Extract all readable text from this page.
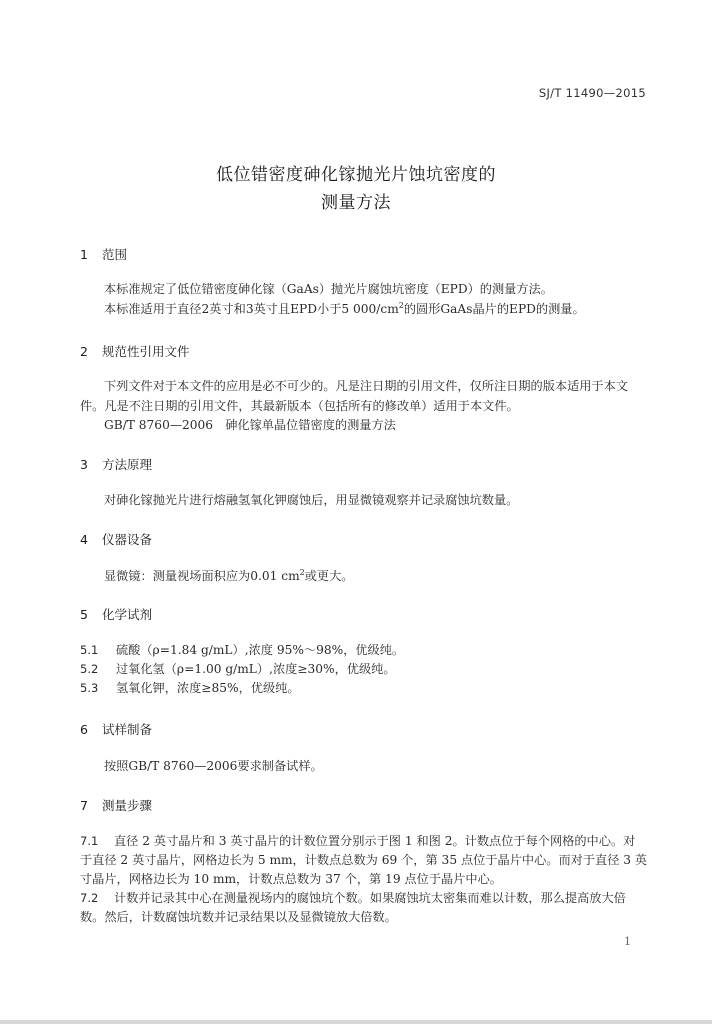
SJ/T 11490—2015
低位错密度砷化镓抛光片蚀坑密度的
测量方法
1 范围
本标准规定了低位错密度砷化镓（GaAs）抛光片腐蚀坑密度（EPD）的测量方法。
本标准适用于直径2英寸和3英寸且EPD小于5 $000/cm^2$的圆形GaAs晶片的EPD的测量。
2 规范性引用文件
下列文件对于本文件的应用是必不可少的。凡是注日期的引用文件，仅所注日期的版本适用于本文
件。凡是不注日期的引用文件，其最新版本（包括所有的修改单）适用于本文件。
GB/T 8760—2006　砷化镓单晶位错密度的测量方法
3 方法原理
对砷化镓抛光片进行熔融氢氧化钾腐蚀后，用显微镜观察并记录腐蚀坑数量。
4 仪器设备
显微镜：测量视场面积应为0.01 $cm^2$或更大。
5 化学试剂
5.1 硫酸（ρ=1.84 g/mL）,浓度 95%～98%，优级纯。
5.2 过氧化氢（ρ=1.00 g/mL）,浓度≥30%，优级纯。
5.3 氢氧化钾，浓度≥85%，优级纯。
6 试样制备
按照GB/T 8760—2006要求制备试样。
7 测量步骤
7.1 直径 2 英寸晶片和 3 英寸晶片的计数位置分别示于图 1 和图 2。计数点位于每个网格的中心。对
于直径 2 英寸晶片，网格边长为 5 mm，计数点总数为 69 个，第 35 点位于晶片中心。而对于直径 3 英
寸晶片，网格边长为 10 mm，计数点总数为 37 个，第 19 点位于晶片中心。
7.2 计数并记录其中心在测量视场内的腐蚀坑个数。如果腐蚀坑太密集而难以计数，那么提高放大倍
数。然后，计数腐蚀坑数并记录结果以及显微镜放大倍数。
1
